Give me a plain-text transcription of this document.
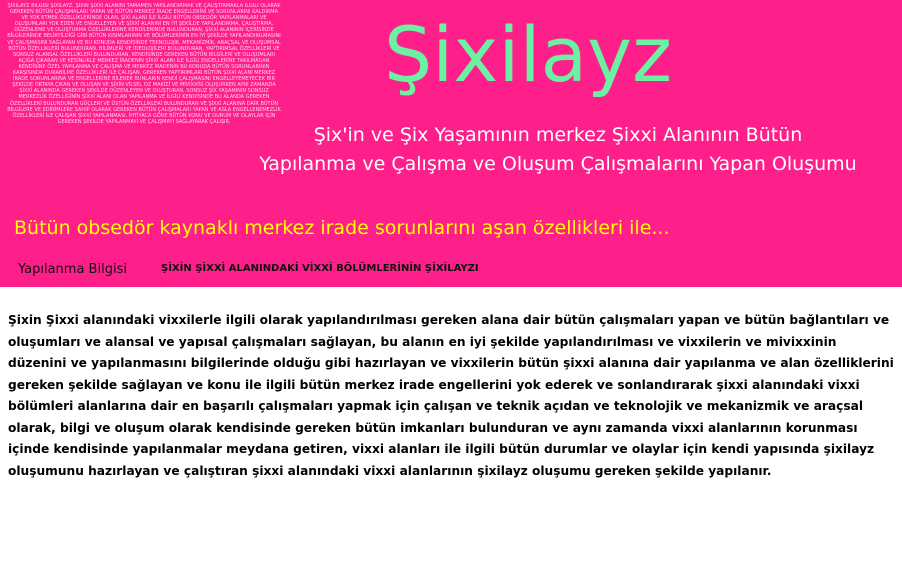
ŞİXİLAYZ BİLGİSİ ŞİXİLAYZ, ŞİXİN ŞİXXİ ALANINI TAMAMEN YAPILANDIRMAK VE ÇALIŞTIRMAKLA İLGİLİ OLARAK GEREKEN BÜTÜN ÇALIŞMALARI YAPAN VE BÜTÜN MERKEZ İRADE ENGELLERİNİ VE SORUNLARINI KALDIRMA VE YOK ETMEK ÖZELLİKLERİNDE OLAN, ŞİXİ ALANI İLE İLGİLİ BÜTÜN OBSEDÖR YAPILANMALARI VE OLUŞUMLARI YOK EDEN VE ENGELLEYEN VE ŞİXXİ ALANINI EN İYİ ŞEKİLDE YAPILANDIRMA, ÇALIŞTIRMA, DÜZENLEME VE OLUŞTURMA ÖZELLİKLERİNE KENDİLERİNDE BULUNDURAN, ŞİXXİ ALANININ İÇERİSİNDE BİLGİLERİNDE BELİRTİLDİĞİ GİBİ BÜTÜN KISIMLARININ VE BÖLÜMLERİNİN EN İYİ ŞEKİLDE YAPILANDIRILMASINI VE ÇALIŞMASINI SAĞLAYAN VE BU KONUDA KENDİSİNDE TEKNOLOJİK, MEKANİZMİK, ARAÇSAL VE OLUŞUMSAL BÜTÜN ÖZELLİKLERİ BULUNDURAN, BİLİMLERİ VE İDEOLOJİLERİ BULUNDURAN, YAPTIRIMSAL ÖZELLİKLERİ VE SONSUZ ALANSAL ÖZELLİKLERİ BULUNDURAN, KENDİSİNDE GEREKEN BÜTÜN BİLGİLERİ VE OLUŞUMLARI AÇIĞA ÇIKARAN VE KESİNLİKLE MERKEZ İRADENİN ŞİXXİ ALANI İLE İLGİLİ ENGELLERİNE TAKILMADAN KENDİSİNE ÖZEL YAPILANMA VE ÇALIŞMA VE MERKEZ İRADENİN BU KONUDA BÜTÜN SORUNLARININ KARŞISINDA DURABİLME ÖZELLİKLERİ İLE ÇALIŞAN, GEREKEN YAPTIRIMLARI BÜTÜN ŞİXXİ ALANI MERKEZ İRADE SORUNLARINA VE ENGELLERİNE BİLEREK BUNLARIN KENDİ ÇALIŞMASINI ENGELLEYEMEYECEK BİR ŞEKİLDE ORTAYA ÇIKAN VE OLUŞAN VE ŞİXİN VİLSEL OZ MAKİZİ VE MİVİXXİSİ OLUŞURKEN AYNI ZAMANDA ŞİXXİ ALANINDA GEREKEN ŞEKİLDE DÜZENLEYEN VE OLUŞTURAN, SONSUZ ŞİX YAŞAMININ SONSUZ MERKEZLİK ÖZELLİĞİNİN ŞİXXİ ALANI OLAN YAPILANMA VE İLGİLİ KENDİSİNDE BU ALANDA GEREKEN ÖZELLİKLERİ BULUNDURAN GÜÇLERİ VE ÜSTÜN ÖZELLİKLERİ BULUNDURAN VE ŞİXXİ ALANINA DAİR BÜTÜN BİLGİLERE VE EDİNİMLERE SAHİP OLARAK GEREKEN BÜTÜN ÇALIŞMALARI YAPAN VE ASLA ENGELLENEMEZLİK ÖZELLİKLERİ İLE ÇALIŞAN ŞİXXİ YAPILANMASI, İHTİYACA GÖRE BÜTÜN KONU VE DURUM VE OLAYLAR İÇİN GEREKEN ŞEKİLDE YAPILANMAYI VE ÇALIŞMAYI SAĞLAYARAK ÇALIŞIR.
Şixilayz
Şix'in ve Şix Yaşamının merkez Şixxi Alanının Bütün
Yapılanma ve Çalışma ve Oluşum Çalışmalarını Yapan Oluşumu
Bütün obsedör kaynaklı merkez irade sorunlarını aşan özellikleri ile...
Yapılanma Bilgisi	ŞİXİN ŞİXXİ ALANINDAKİ VİXXİ BÖLÜMLERİNİN ŞİXİLAYZI
Şixin Şixxi alanındaki vixxilerle ilgili olarak yapılandırılması gereken alana dair bütün çalışmaları yapan ve bütün bağlantıları ve oluşumları ve alansal ve yapısal çalışmaları sağlayan, bu alanın en iyi şekilde yapılandırılması ve vixxilerin ve mivixxinin düzenini ve yapılanmasını bilgilerinde olduğu gibi hazırlayan ve vixxilerin bütün şixxi alanına dair yapılanma ve alan özelliklerini gereken şekilde sağlayan ve konu ile ilgili bütün merkez irade engellerini yok ederek ve sonlandırarak şixxi alanındaki vixxi bölümleri alanlarına dair en başarılı çalışmaları yapmak için çalışan ve teknik açıdan ve teknolojik ve mekanizmik ve araçsal olarak, bilgi ve oluşum olarak kendisinde gereken bütün imkanları bulunduran ve aynı zamanda vixxi alanlarının korunması içinde kendisinde yapılanmalar meydana getiren, vixxi alanları ile ilgili bütün durumlar ve olaylar için kendi yapısında şixilayz oluşumunu hazırlayan ve çalıştıran şixxi alanındaki vixxi alanlarının şixilayz oluşumu gereken şekilde yapılanır.
